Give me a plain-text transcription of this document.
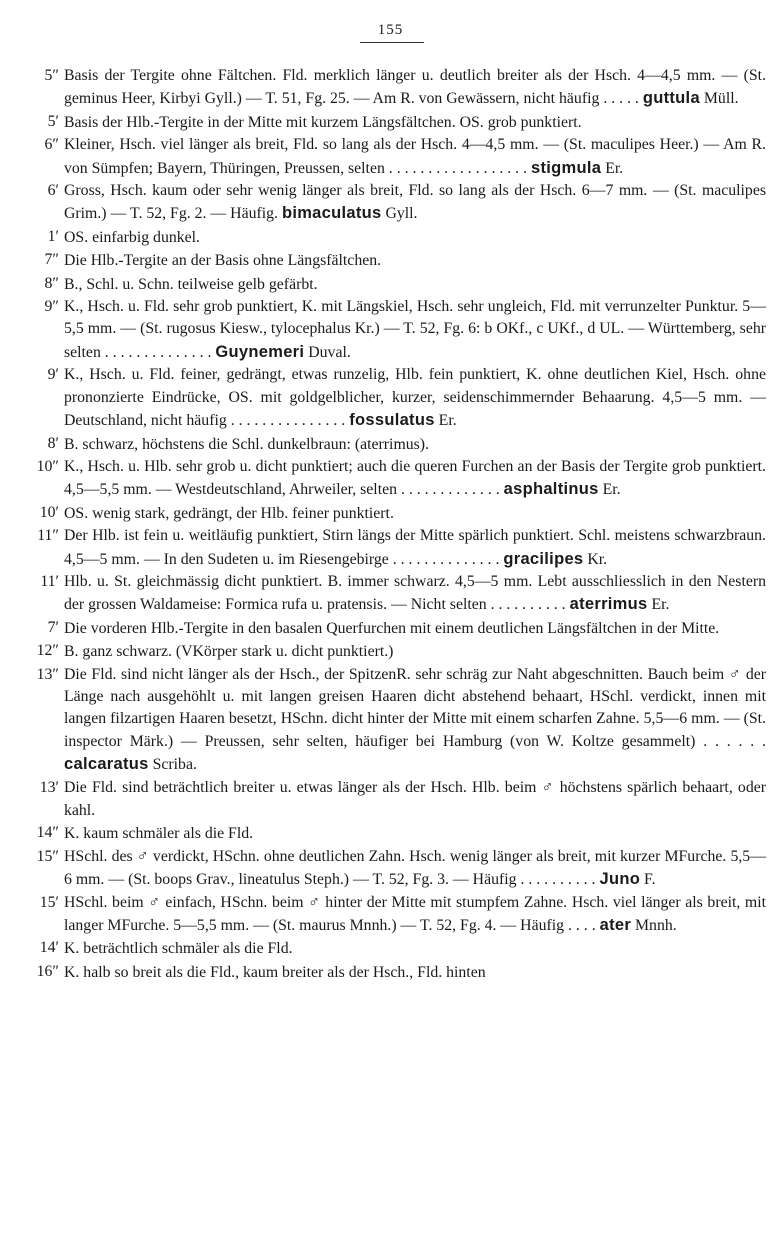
155
5″ Basis der Tergite ohne Fältchen. Fld. merklich länger u. deutlich breiter als der Hsch. 4—4,5 mm. — (St. geminus Heer, Kirbyi Gyll.) — T. 51, Fg. 25. — Am R. von Gewässern, nicht häufig . . . . . guttula Müll.
5′ Basis der Hlb.-Tergite in der Mitte mit kurzem Längsfältchen. OS. grob punktiert.
6″ Kleiner, Hsch. viel länger als breit, Fld. so lang als der Hsch. 4—4,5 mm. — (St. maculipes Heer.) — Am R. von Sümpfen; Bayern, Thüringen, Preussen, selten . . . . . . . . . . . . . . . . . . stigmula Er.
6′ Gross, Hsch. kaum oder sehr wenig länger als breit, Fld. so lang als der Hsch. 6—7 mm. — (St. maculipes Grim.) — T. 52, Fg. 2. — Häufig. bimaculatus Gyll.
1′ OS. einfarbig dunkel.
7″ Die Hlb.-Tergite an der Basis ohne Längsfältchen.
8″ B., Schl. u. Schn. teilweise gelb gefärbt.
9″ K., Hsch. u. Fld. sehr grob punktiert, K. mit Längskiel, Hsch. sehr ungleich, Fld. mit verrunzelter Punktur. 5—5,5 mm. — (St. rugosus Kiesw., tylocephalus Kr.) — T. 52, Fg. 6: b OKf., c UKf., d UL. — Württemberg, sehr selten . . . . . . . . . . . . . . Guynemeri Duval.
9′ K., Hsch. u. Fld. feiner, gedrängt, etwas runzelig, Hlb. fein punktiert, K. ohne deutlichen Kiel, Hsch. ohne prononzierte Eindrücke, OS. mit goldgelblicher, kurzer, seidenschimmernder Behaarung. 4,5—5 mm. — Deutschland, nicht häufig . . . . . . . . . . . . . . . fossulatus Er.
8′ B. schwarz, höchstens die Schl. dunkelbraun: (aterrimus).
10″ K., Hsch. u. Hlb. sehr grob u. dicht punktiert; auch die queren Furchen an der Basis der Tergite grob punktiert. 4,5—5,5 mm. — Westdeutschland, Ahrweiler, selten . . . . . . . . . . . . . asphaltinus Er.
10′ OS. wenig stark, gedrängt, der Hlb. feiner punktiert.
11″ Der Hlb. ist fein u. weitläufig punktiert, Stirn längs der Mitte spärlich punktiert. Schl. meistens schwarzbraun. 4,5—5 mm. — In den Sudeten u. im Riesengebirge . . . . . . . . . . . . . . gracilipes Kr.
11′ Hlb. u. St. gleichmässig dicht punktiert. B. immer schwarz. 4,5—5 mm. Lebt ausschliesslich in den Nestern der grossen Waldameise: Formica rufa u. pratensis. — Nicht selten . . . . . . . . . . aterrimus Er.
7′ Die vorderen Hlb.-Tergite in den basalen Querfurchen mit einem deutlichen Längsfältchen in der Mitte.
12″ B. ganz schwarz. (VKörper stark u. dicht punktiert.)
13″ Die Fld. sind nicht länger als der Hsch., der SpitzenR. sehr schräg zur Naht abgeschnitten. Bauch beim ♂ der Länge nach ausgehöhlt u. mit langen greisen Haaren dicht abstehend behaart, HSchl. verdickt, innen mit langen filzartigen Haaren besetzt, HSchn. dicht hinter der Mitte mit einem scharfen Zahne. 5,5—6 mm. — (St. inspector Märk.) — Preussen, sehr selten, häufiger bei Hamburg (von W. Koltze gesammelt) . . . . . . calcaratus Scriba.
13′ Die Fld. sind beträchtlich breiter u. etwas länger als der Hsch. Hlb. beim ♂ höchstens spärlich behaart, oder kahl.
14″ K. kaum schmäler als die Fld.
15″ HSchl. des ♂ verdickt, HSchn. ohne deutlichen Zahn. Hsch. wenig länger als breit, mit kurzer MFurche. 5,5—6 mm. — (St. boops Grav., lineatulus Steph.) — T. 52, Fg. 3. — Häufig . . . . . . . . . . Juno F.
15′ HSchl. beim ♂ einfach, HSchn. beim ♂ hinter der Mitte mit stumpfem Zahne. Hsch. viel länger als breit, mit langer MFurche. 5—5,5 mm. — (St. maurus Mnnh.) — T. 52, Fg. 4. — Häufig . . . . ater Mnnh.
14′ K. beträchtlich schmäler als die Fld.
16″ K. halb so breit als die Fld., kaum breiter als der Hsch., Fld. hinten
